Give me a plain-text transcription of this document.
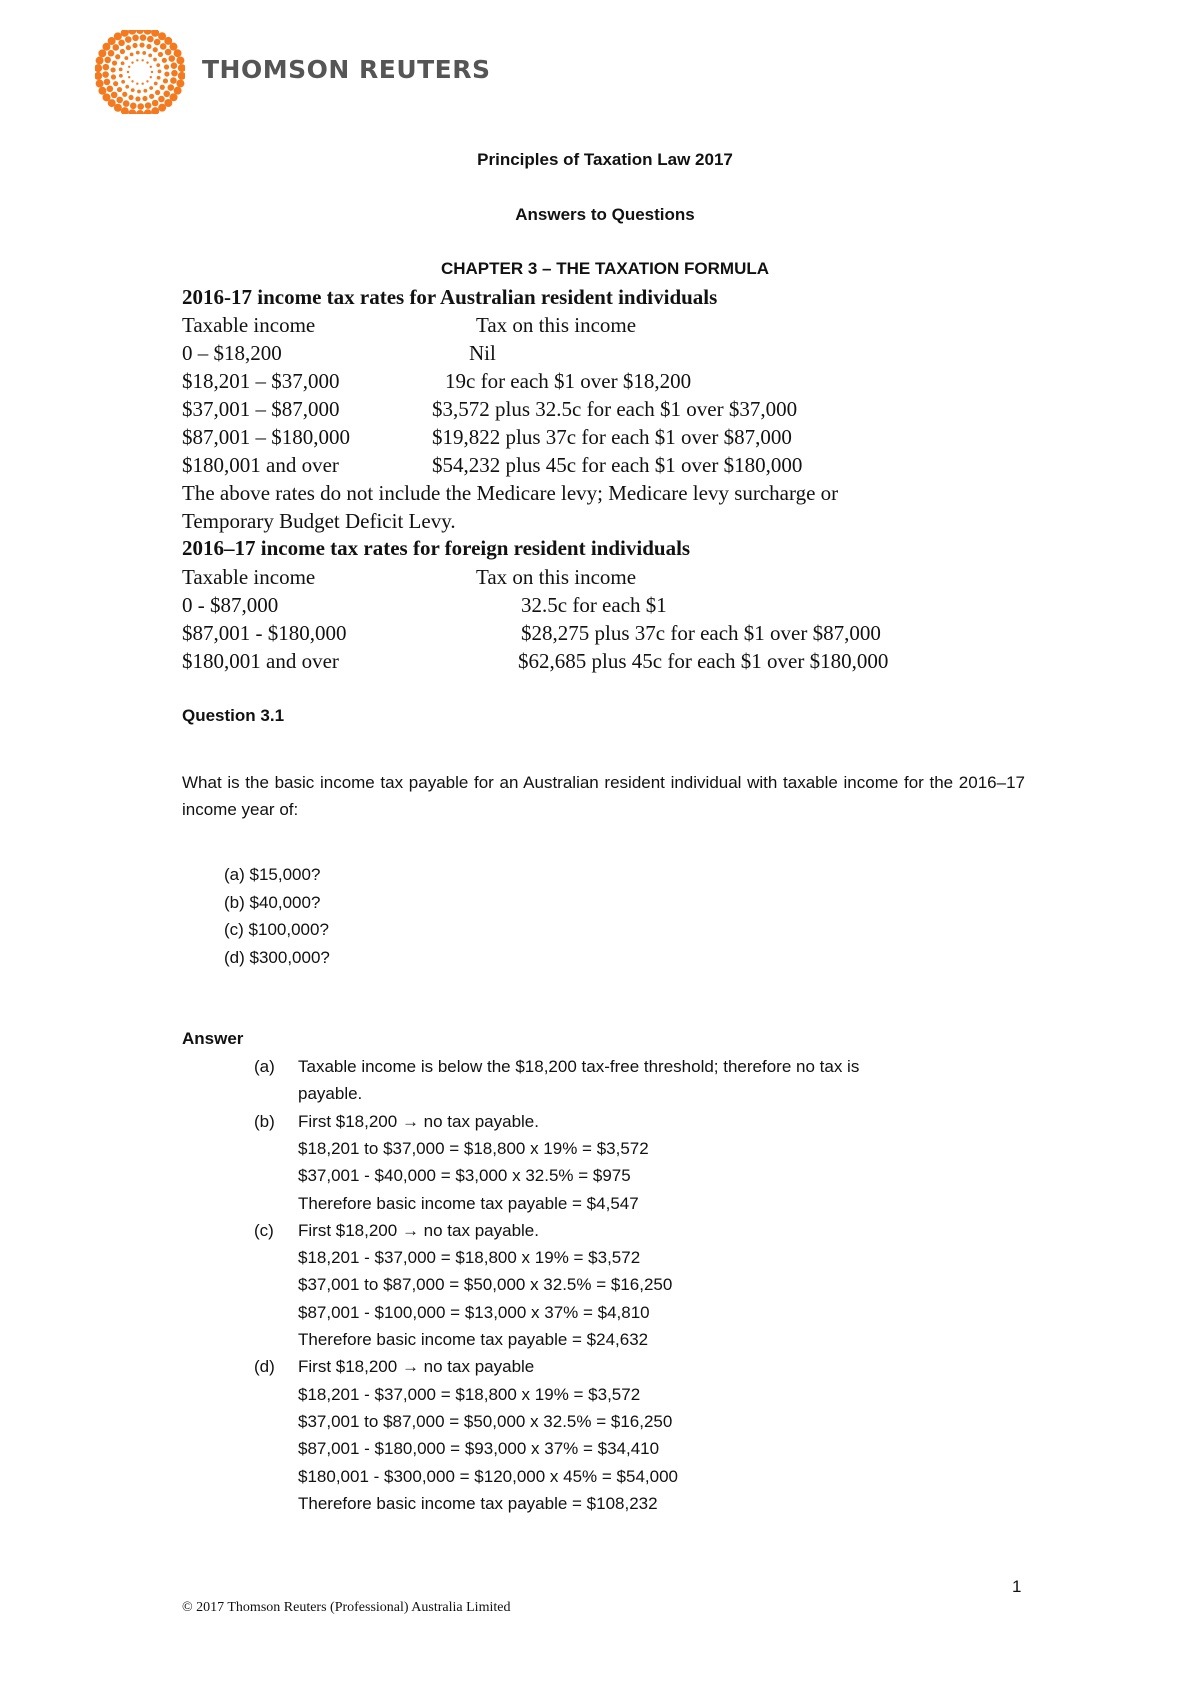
THOMSON REUTERS
Principles of Taxation Law 2017
Answers to Questions
CHAPTER 3 – THE TAXATION FORMULA
2016-17 income tax rates for Australian resident individuals
Taxable income	Tax on this income
0 – $18,200	Nil
$18,201 – $37,000	19c for each $1 over $18,200
$37,001 – $87,000	$3,572 plus 32.5c for each $1 over $37,000
$87,001 – $180,000	$19,822 plus 37c for each $1 over $87,000
$180,001 and over	$54,232 plus 45c for each $1 over $180,000
The above rates do not include the Medicare levy; Medicare levy surcharge or
Temporary Budget Deficit Levy.
2016–17 income tax rates for foreign resident individuals
Taxable income	Tax on this income
0 - $87,000	32.5c for each $1
$87,001 - $180,000	$28,275 plus 37c for each $1 over $87,000
$180,001 and over	$62,685 plus 45c for each $1 over $180,000
Question 3.1
What is the basic income tax payable for an Australian resident individual with taxable income for the 2016–17 income year of:
(a) $15,000?
(b) $40,000?
(c) $100,000?
(d) $300,000?
Answer
(a) Taxable income is below the $18,200 tax-free threshold; therefore no tax is
payable.
(b) First $18,200 → no tax payable.
$18,201 to $37,000 = $18,800 x 19% = $3,572
$37,001 - $40,000 = $3,000 x 32.5% = $975
Therefore basic income tax payable = $4,547
(c) First $18,200 → no tax payable.
$18,201 - $37,000 = $18,800 x 19% = $3,572
$37,001 to $87,000 = $50,000 x 32.5% = $16,250
$87,001 - $100,000 = $13,000 x 37% = $4,810
Therefore basic income tax payable = $24,632
(d) First $18,200 → no tax payable
$18,201 - $37,000 = $18,800 x 19% = $3,572
$37,001 to $87,000 = $50,000 x 32.5% = $16,250
$87,001 - $180,000 = $93,000 x 37% = $34,410
$180,001 - $300,000 = $120,000 x 45% = $54,000
Therefore basic income tax payable = $108,232
1
© 2017 Thomson Reuters (Professional) Australia Limited
